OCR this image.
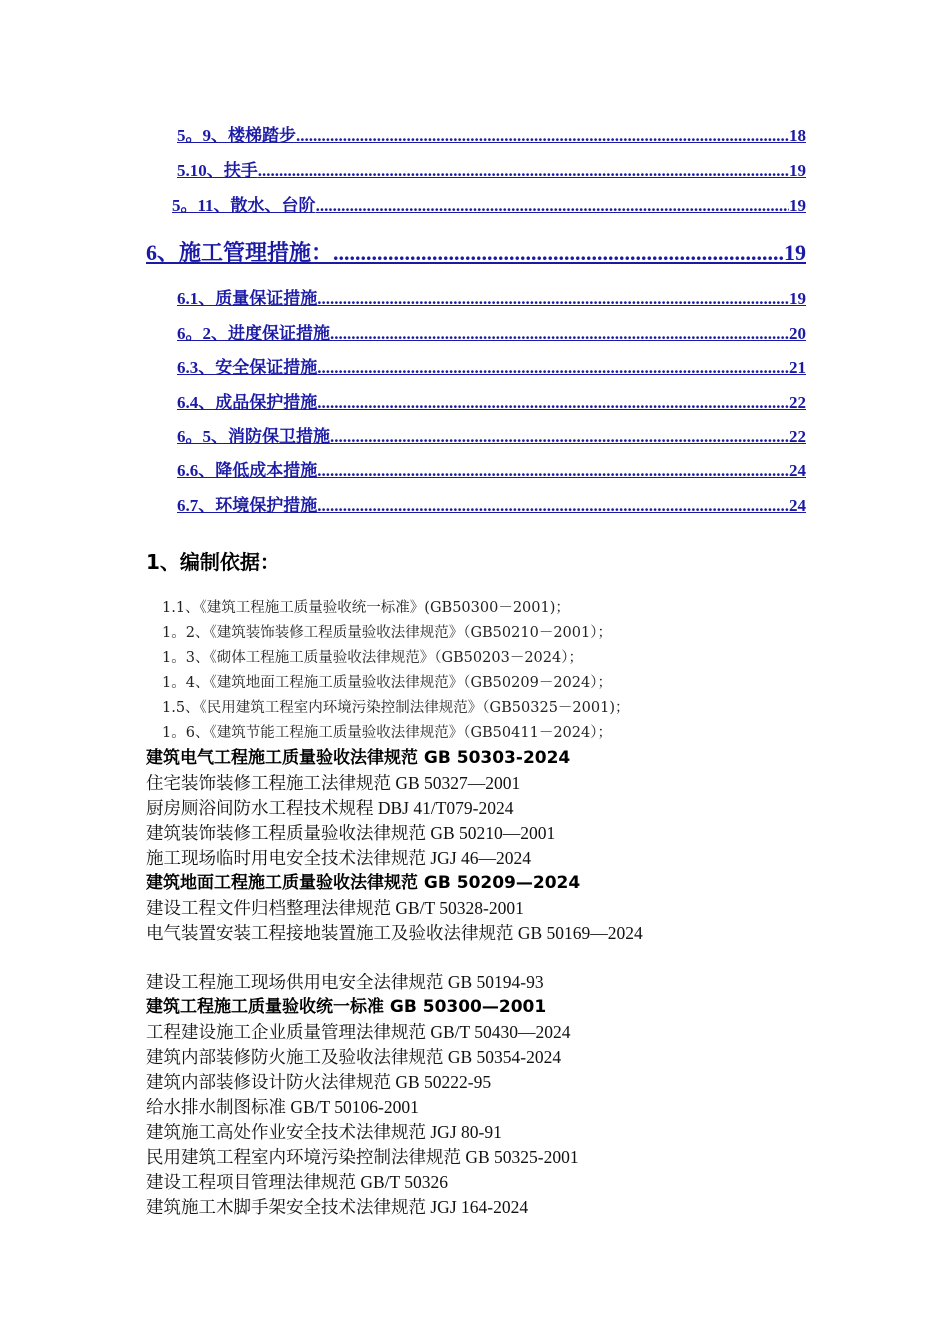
5。9、楼梯踏步 .....	18
5.10、扶手 .....	19
5。11、散水、台阶 .....	19
6、施工管理措施： .....	19
6.1、质量保证措施 .....	19
6。2、进度保证措施 .....	20
6.3、安全保证措施 .....	21
6.4、成品保护措施 .....	22
6。5、消防保卫措施 .....	22
6.6、降低成本措施 .....	24
6.7、环境保护措施 .....	24
1、编制依据：
1.1、《建筑工程施工质量验收统一标准》(GB50300－2001)；
1。2、《建筑装饰装修工程质量验收法律规范》（GB50210－2001）；
1。3、《砌体工程施工质量验收法律规范》（GB50203－2024）；
1。4、《建筑地面工程施工质量验收法律规范》（GB50209－2024）；
1.5、《民用建筑工程室内环境污染控制法律规范》（GB50325－2001)；
1。6、《建筑节能工程施工质量验收法律规范》（GB50411－2024）；
建筑电气工程施工质量验收法律规范 GB 50303-2024
住宅装饰装修工程施工法律规范 GB 50327—2001
厨房厕浴间防水工程技术规程 DBJ 41/T079-2024
建筑装饰装修工程质量验收法律规范 GB 50210—2001
施工现场临时用电安全技术法律规范 JGJ 46—2024
建筑地面工程施工质量验收法律规范 GB 50209—2024
建设工程文件归档整理法律规范 GB/T 50328-2001
电气装置安装工程接地装置施工及验收法律规范 GB 50169—2024
建设工程施工现场供用电安全法律规范 GB 50194-93
建筑工程施工质量验收统一标准 GB 50300—2001
工程建设施工企业质量管理法律规范 GB/T 50430—2024
建筑内部装修防火施工及验收法律规范 GB 50354-2024
建筑内部装修设计防火法律规范 GB 50222-95
给水排水制图标准 GB/T 50106-2001
建筑施工高处作业安全技术法律规范 JGJ 80-91
民用建筑工程室内环境污染控制法律规范 GB 50325-2001
建设工程项目管理法律规范 GB/T 50326
建筑施工木脚手架安全技术法律规范 JGJ 164-2024
